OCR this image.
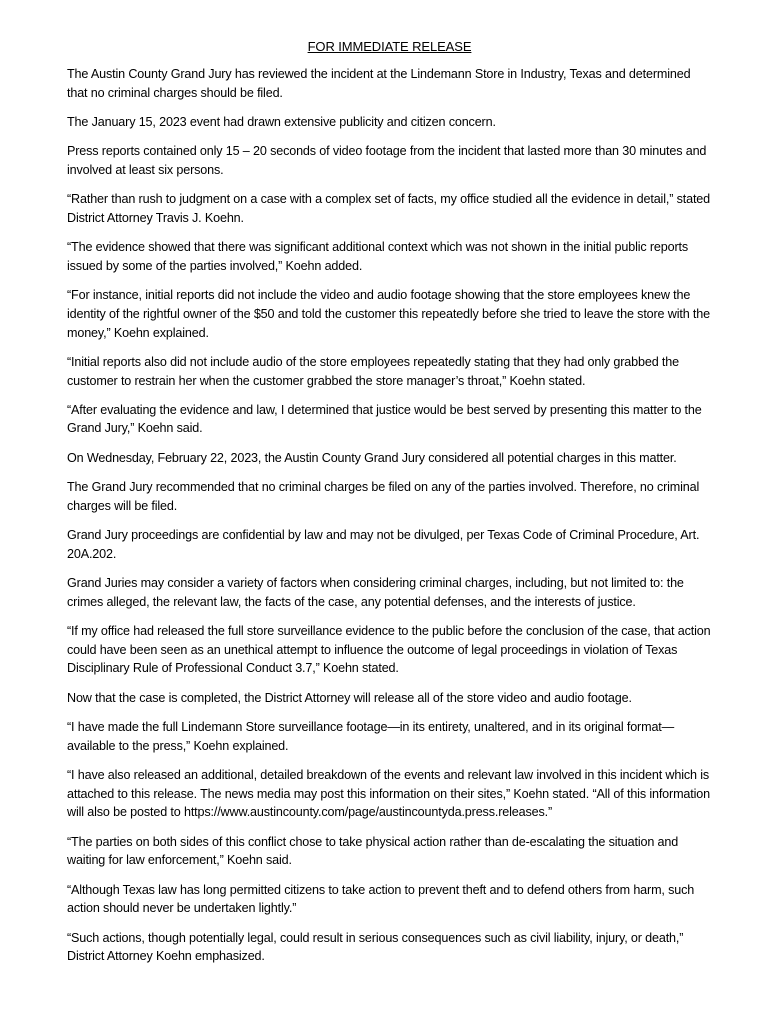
FOR IMMEDIATE RELEASE

The Austin County Grand Jury has reviewed the incident at the Lindemann Store in Industry, Texas and determined that no criminal charges should be filed.

The January 15, 2023 event had drawn extensive publicity and citizen concern.

Press reports contained only 15 – 20 seconds of video footage from the incident that lasted more than 30 minutes and involved at least six persons.

“Rather than rush to judgment on a case with a complex set of facts, my office studied all the evidence in detail,” stated District Attorney Travis J. Koehn.

“The evidence showed that there was significant additional context which was not shown in the initial public reports issued by some of the parties involved,” Koehn added.

“For instance, initial reports did not include the video and audio footage showing that the store employees knew the identity of the rightful owner of the $50 and told the customer this repeatedly before she tried to leave the store with the money,” Koehn explained.

“Initial reports also did not include audio of the store employees repeatedly stating that they had only grabbed the customer to restrain her when the customer grabbed the store manager’s throat,” Koehn stated.

“After evaluating the evidence and law, I determined that justice would be best served by presenting this matter to the Grand Jury,” Koehn said.

On Wednesday, February 22, 2023, the Austin County Grand Jury considered all potential charges in this matter.

The Grand Jury recommended that no criminal charges be filed on any of the parties involved. Therefore, no criminal charges will be filed.

Grand Jury proceedings are confidential by law and may not be divulged, per Texas Code of Criminal Procedure, Art. 20A.202.

Grand Juries may consider a variety of factors when considering criminal charges, including, but not limited to: the crimes alleged, the relevant law, the facts of the case, any potential defenses, and the interests of justice.

“If my office had released the full store surveillance evidence to the public before the conclusion of the case, that action could have been seen as an unethical attempt to influence the outcome of legal proceedings in violation of Texas Disciplinary Rule of Professional Conduct 3.7,” Koehn stated.

Now that the case is completed, the District Attorney will release all of the store video and audio footage.

“I have made the full Lindemann Store surveillance footage—in its entirety, unaltered, and in its original format—available to the press,” Koehn explained.

“I have also released an additional, detailed breakdown of the events and relevant law involved in this incident which is attached to this release. The news media may post this information on their sites,” Koehn stated. “All of this information will also be posted to https://www.austincounty.com/page/austincountyda.press.releases.”

“The parties on both sides of this conflict chose to take physical action rather than de-escalating the situation and waiting for law enforcement,” Koehn said.

“Although Texas law has long permitted citizens to take action to prevent theft and to defend others from harm, such action should never be undertaken lightly.”

“Such actions, though potentially legal, could result in serious consequences such as civil liability, injury, or death,” District Attorney Koehn emphasized.
